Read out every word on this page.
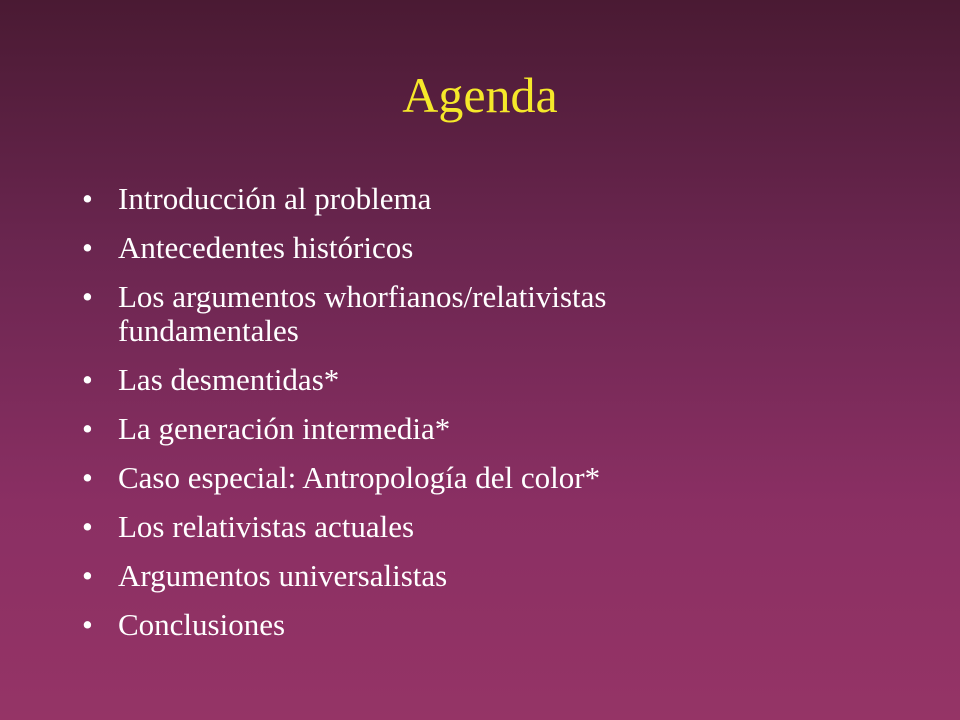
Agenda
• Introducción al problema
• Antecedentes históricos
• Los argumentos whorfianos/relativistas fundamentales
• Las desmentidas*
• La generación intermedia*
• Caso especial: Antropología del color*
• Los relativistas actuales
• Argumentos universalistas
• Conclusiones
